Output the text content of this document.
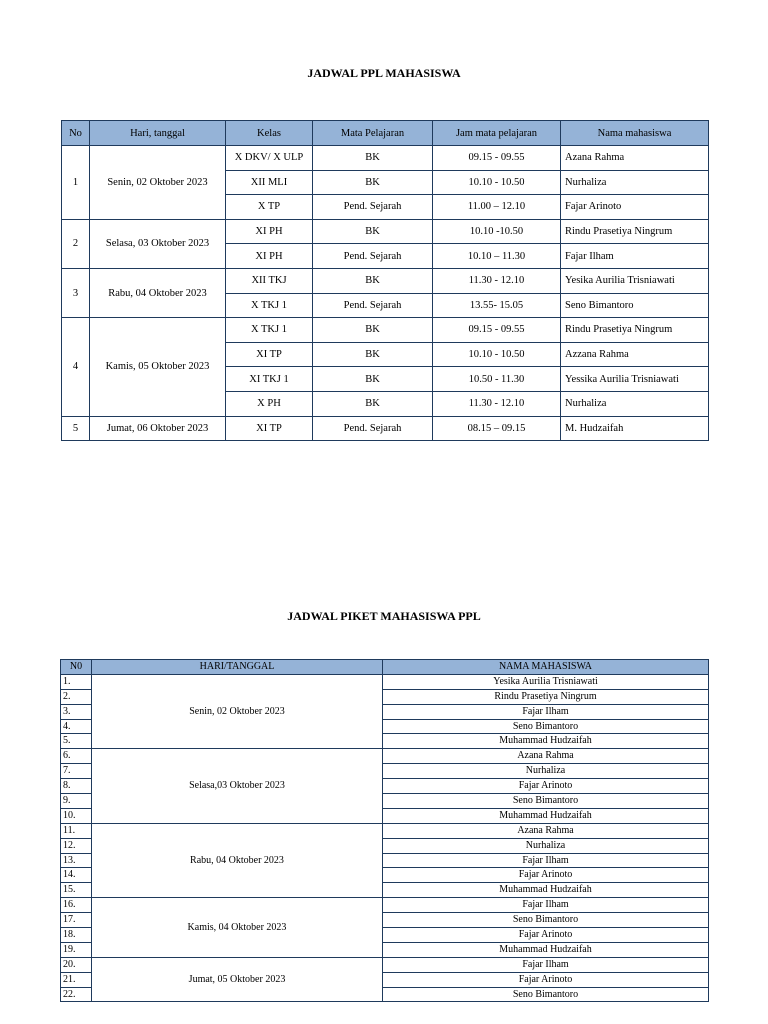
JADWAL PPL MAHASISWA
No	Hari, tanggal	Kelas	Mata Pelajaran	Jam mata pelajaran	Nama mahasiswa
1	Senin, 02 Oktober 2023	X DKV/ X ULP	BK	09.15 - 09.55	Azana Rahma
		XII MLI	BK	10.10 - 10.50	Nurhaliza
		X TP	Pend. Sejarah	11.00 – 12.10	Fajar Arinoto
2	Selasa, 03 Oktober 2023	XI PH	BK	10.10 -10.50	Rindu Prasetiya Ningrum
		XI PH	Pend. Sejarah	10.10 – 11.30	Fajar Ilham
3	Rabu, 04 Oktober 2023	XII TKJ	BK	11.30 - 12.10	Yesika Aurilia Trisniawati
		X TKJ 1	Pend. Sejarah	13.55- 15.05	Seno Bimantoro
4	Kamis, 05 Oktober 2023	X TKJ 1	BK	09.15 - 09.55	Rindu Prasetiya Ningrum
		XI TP	BK	10.10 - 10.50	Azzana Rahma
		XI TKJ 1	BK	10.50 - 11.30	Yessika Aurilia Trisniawati
		X PH	BK	11.30 - 12.10	Nurhaliza
5	Jumat, 06 Oktober 2023	XI TP	Pend. Sejarah	08.15 – 09.15	M. Hudzaifah
JADWAL PIKET MAHASISWA PPL
N0	HARI/TANGGAL	NAMA MAHASISWA
1.	Senin, 02 Oktober 2023	Yesika Aurilia Trisniawati
2.		Rindu Prasetiya Ningrum
3.		Fajar Ilham
4.		Seno Bimantoro
5.		Muhammad Hudzaifah
6.	Selasa,03 Oktober 2023	Azana Rahma
7.		Nurhaliza
8.		Fajar Arinoto
9.		Seno Bimantoro
10.		Muhammad Hudzaifah
11.	Rabu, 04 Oktober 2023	Azana Rahma
12.		Nurhaliza
13.		Fajar Ilham
14.		Fajar Arinoto
15.		Muhammad Hudzaifah
16.	Kamis, 04 Oktober 2023	Fajar Ilham
17.		Seno Bimantoro
18.		Fajar Arinoto
19.		Muhammad Hudzaifah
20.	Jumat, 05 Oktober 2023	Fajar Ilham
21.		Fajar Arinoto
22.		Seno Bimantoro
